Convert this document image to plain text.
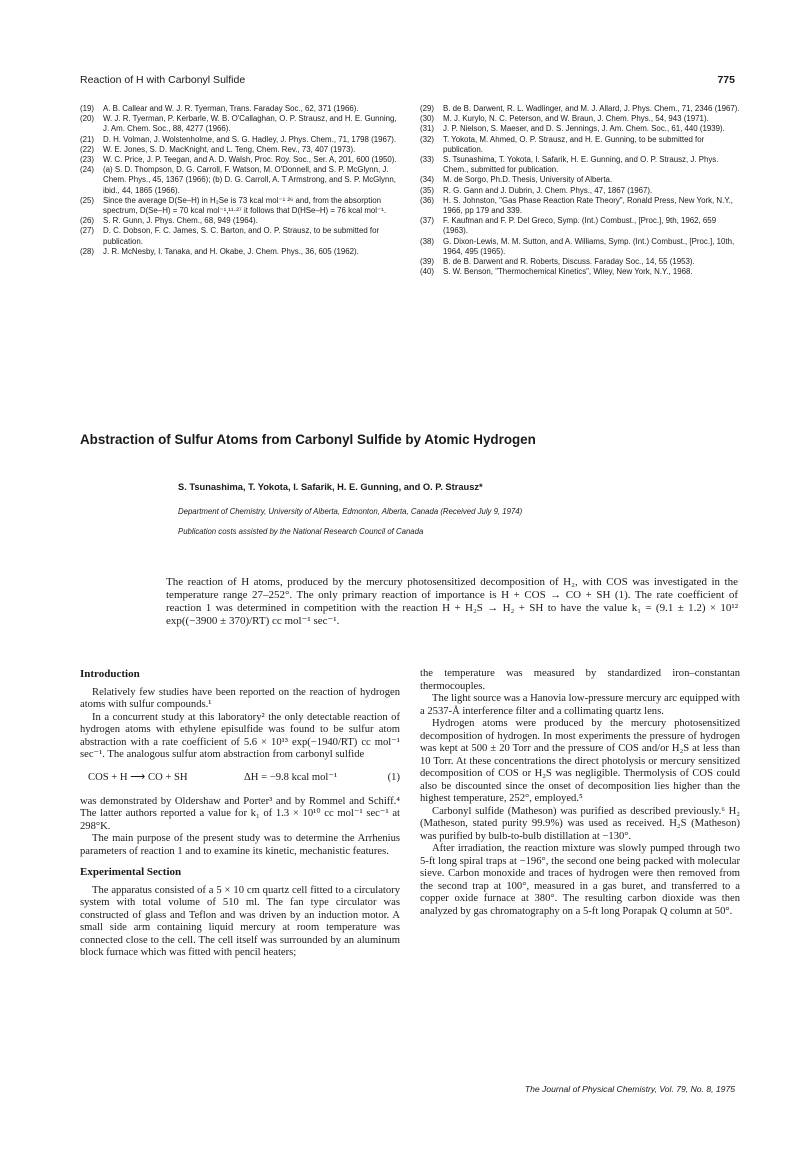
Reaction of H with Carbonyl Sulfide	775

(19) A. B. Callear and W. J. R. Tyerman, Trans. Faraday Soc., 62, 371 (1966).

(20) W. J. R. Tyerman, P. Kerbarle, W. B. O'Callaghan, O. P. Strausz, and H. E. Gunning, J. Am. Chem. Soc., 88, 4277 (1966).

(21) D. H. Volman, J. Wolstenholme, and S. G. Hadley, J. Phys. Chem., 71, 1798 (1967).

(22) W. E. Jones, S. D. MacKnight, and L. Teng, Chem. Rev., 73, 407 (1973).

(23) W. C. Price, J. P. Teegan, and A. D. Walsh, Proc. Roy. Soc., Ser. A, 201, 600 (1950).

(24) (a) S. D. Thompson, D. G. Carroll, F. Watson, M. O'Donnell, and S. P. McGlynn, J. Chem. Phys., 45, 1367 (1966); (b) D. G. Carroll, A. T Armstrong, and S. P. McGlynn, ibid., 44, 1865 (1966).

(25) Since the average D(Se–H) in H₂Se is 73 kcal mol⁻¹ ²⁶ and, from the absorption spectrum, D(Se–H) = 70 kcal mol⁻¹,¹¹·²⁷ it follows that D(HSe–H) = 76 kcal mol⁻¹.

(26) S. R. Gunn, J. Phys. Chem., 68, 949 (1964).

(27) D. C. Dobson, F. C. James, S. C. Barton, and O. P. Strausz, to be submitted for publication.

(28) J. R. McNesby, I. Tanaka, and H. Okabe, J. Chem. Phys., 36, 605 (1962).

(29) B. de B. Darwent, R. L. Wadlinger, and M. J. Allard, J. Phys. Chem., 71, 2346 (1967).

(30) M. J. Kurylo, N. C. Peterson, and W. Braun, J. Chem. Phys., 54, 943 (1971).

(31) J. P. Nielson, S. Maeser, and D. S. Jennings, J. Am. Chem. Soc., 61, 440 (1939).

(32) T. Yokota, M. Ahmed, O. P. Strausz, and H. E. Gunning, to be submitted for publication.

(33) S. Tsunashima, T. Yokota, I. Safarik, H. E. Gunning, and O. P. Strausz, J. Phys. Chem., submitted for publication.

(34) M. de Sorgo, Ph.D. Thesis, University of Alberta.

(35) R. G. Gann and J. Dubrin, J. Chem. Phys., 47, 1867 (1967).

(36) H. S. Johnston, "Gas Phase Reaction Rate Theory", Ronald Press, New York, N.Y., 1966, pp 179 and 339.

(37) F. Kaufman and F. P. Del Greco, Symp. (Int.) Combust., [Proc.], 9th, 1962, 659 (1963).

(38) G. Dixon-Lewis, M. M. Sutton, and A. Williams, Symp. (Int.) Combust., [Proc.], 10th, 1964, 495 (1965).

(39) B. de B. Darwent and R. Roberts, Discuss. Faraday Soc., 14, 55 (1953).

(40) S. W. Benson, "Thermochemical Kinetics", Wiley, New York, N.Y., 1968.

Abstraction of Sulfur Atoms from Carbonyl Sulfide by Atomic Hydrogen
S. Tsunashima, T. Yokota, I. Safarik, H. E. Gunning, and O. P. Strausz*
Department of Chemistry, University of Alberta, Edmonton, Alberta, Canada (Received July 9, 1974)
Publication costs assisted by the National Research Council of Canada
The reaction of H atoms, produced by the mercury photosensitized decomposition of H₂, with COS was investigated in the temperature range 27–252°. The only primary reaction of importance is H + COS → CO + SH (1). The rate coefficient of reaction 1 was determined in competition with the reaction H + H₂S → H₂ + SH to have the value k₁ = (9.1 ± 1.2) × 10¹² exp((−3900 ± 370)/RT) cc mol⁻¹ sec⁻¹.
Introduction

Relatively few studies have been reported on the reaction of hydrogen atoms with sulfur compounds.¹

In a concurrent study at this laboratory² the only detectable reaction of hydrogen atoms with ethylene episulfide was found to be sulfur atom abstraction with a rate coefficient of 5.6 × 10¹³ exp(−1940/RT) cc mol⁻¹ sec⁻¹. The analogous sulfur atom abstraction from carbonyl sulfide

COS + H ⟶ CO + SH	ΔH = −9.8 kcal mol⁻¹	(1)

was demonstrated by Oldershaw and Porter³ and by Rommel and Schiff.⁴ The latter authors reported a value for k₁ of 1.3 × 10¹⁰ cc mol⁻¹ sec⁻¹ at 298°K.

The main purpose of the present study was to determine the Arrhenius parameters of reaction 1 and to examine its kinetic, mechanistic features.

Experimental Section

The apparatus consisted of a 5 × 10 cm quartz cell fitted to a circulatory system with total volume of 510 ml. The fan type circulator was constructed of glass and Teflon and was driven by an induction motor. A small side arm containing liquid mercury at room temperature was connected close to the cell. The cell itself was surrounded by an aluminum block furnace which was fitted with pencil heaters;

the temperature was measured by standardized iron–constantan thermocouples.

The light source was a Hanovia low-pressure mercury arc equipped with a 2537-Å interference filter and a collimating quartz lens.

Hydrogen atoms were produced by the mercury photosensitized decomposition of hydrogen. In most experiments the pressure of hydrogen was kept at 500 ± 20 Torr and the pressure of COS and/or H₂S at less than 10 Torr. At these concentrations the direct photolysis or mercury sensitized decomposition of COS or H₂S was negligible. Thermolysis of COS could also be discounted since the onset of decomposition lies higher than the highest temperature, 252°, employed.⁵

Carbonyl sulfide (Matheson) was purified as described previously.⁶ H₂ (Matheson, stated purity 99.9%) was used as received. H₂S (Matheson) was purified by bulb-to-bulb distillation at −130°.

After irradiation, the reaction mixture was slowly pumped through two 5-ft long spiral traps at −196°, the second one being packed with molecular sieve. Carbon monoxide and traces of hydrogen were then removed from the second trap at 100°, measured in a gas buret, and transferred to a copper oxide furnace at 380°. The resulting carbon dioxide was then analyzed by gas chromatography on a 5-ft long Porapak Q column at 50°.

The Journal of Physical Chemistry, Vol. 79, No. 8, 1975
